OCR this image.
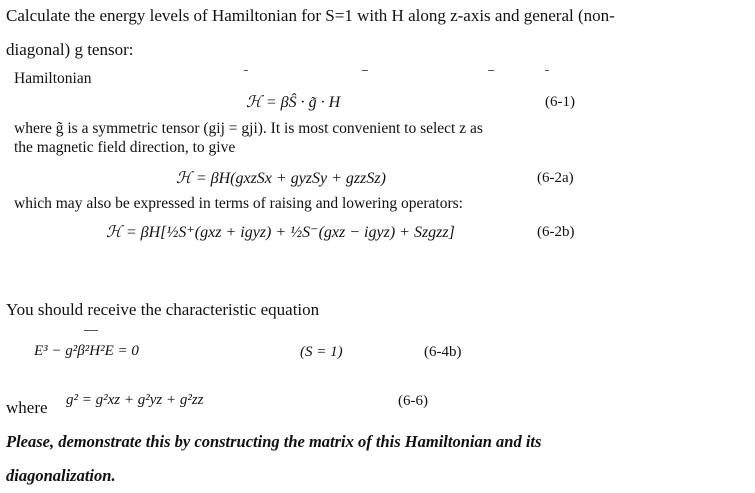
Calculate the energy levels of Hamiltonian for S=1 with H along z-axis and general (non-
diagonal) g tensor:
Hamiltonian
ℋ = βŜ · g̃ · H	(6-1)
where g̃ is a symmetric tensor (gij = gji). It is most convenient to select z as
the magnetic field direction, to give
ℋ = βH(gxzSx + gyzSy + gzzSz)	(6-2a)
which may also be expressed in terms of raising and lowering operators:
ℋ = βH[½S⁺(gxz + igyz) + ½S⁻(gxz − igyz) + Szgzz]	(6-2b)
You should receive the characteristic equation
E³ − g²β²H²E = 0	(S = 1)	(6-4b)
where g² = g²xz + g²yz + g²zz	(6-6)
Please, demonstrate this by constructing the matrix of this Hamiltonian and its
diagonalization.
